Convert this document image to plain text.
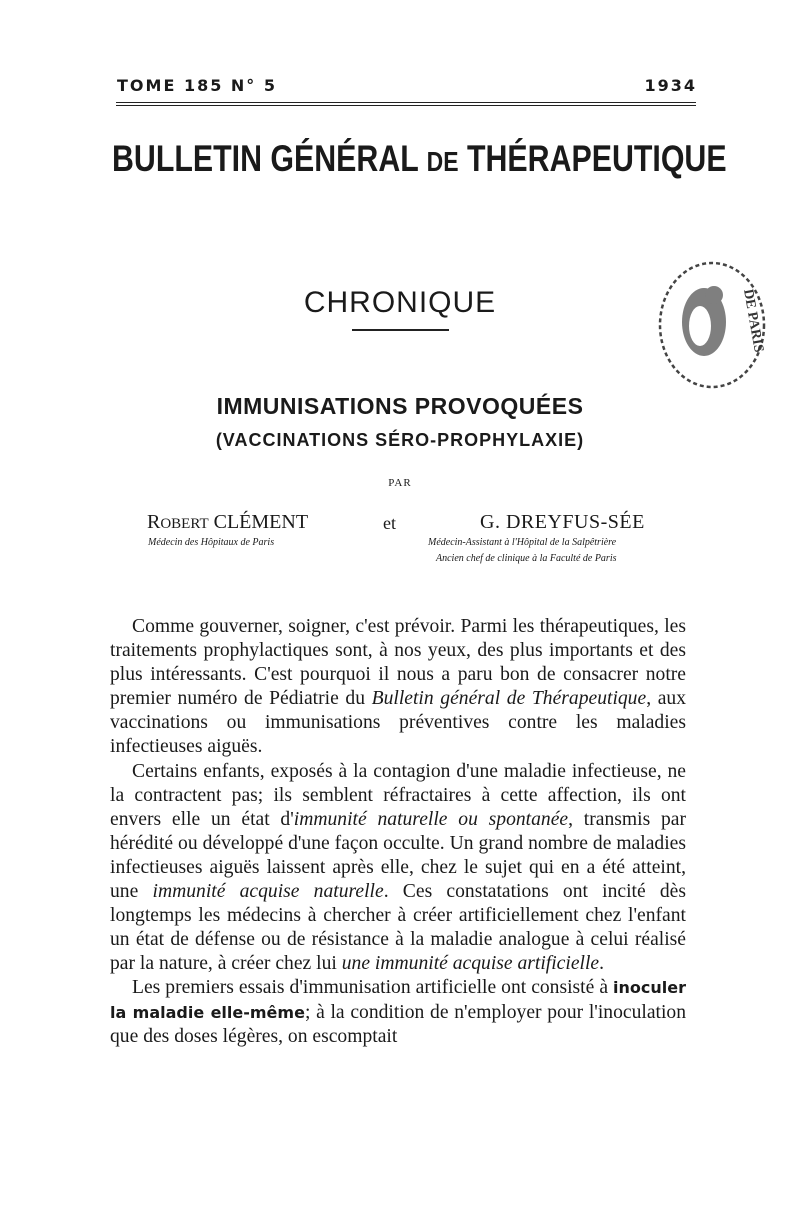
TOME 185 N° 5	1934
BULLETIN GÉNÉRAL DE THÉRAPEUTIQUE
DE PARIS
CHRONIQUE
IMMUNISATIONS PROVOQUÉES
(VACCINATIONS SÉRO-PROPHYLAXIE)
PAR
ROBERT CLÉMENT	et	G. DREYFUS-SÉE
Médecin des Hôpitaux de Paris	Médecin-Assistant à l'Hôpital de la Salpêtrière
Ancien chef de clinique à la Faculté de Paris

Comme gouverner, soigner, c'est prévoir. Parmi les thérapeutiques, les traitements prophylactiques sont, à nos yeux, des plus importants et des plus intéressants. C'est pourquoi il nous a paru bon de consacrer notre premier numéro de Pédiatrie du Bulletin général de Thérapeutique, aux vaccinations ou immunisations préventives contre les maladies infectieuses aiguës.

Certains enfants, exposés à la contagion d'une maladie infectieuse, ne la contractent pas; ils semblent réfractaires à cette affection, ils ont envers elle un état d'immunité naturelle ou spontanée, transmis par hérédité ou développé d'une façon occulte. Un grand nombre de maladies infectieuses aiguës laissent après elle, chez le sujet qui en a été atteint, une immunité acquise naturelle. Ces constatations ont incité dès longtemps les médecins à chercher à créer artificiellement chez l'enfant un état de défense ou de résistance à la maladie analogue à celui réalisé par la nature, à créer chez lui une immunité acquise artificielle.

Les premiers essais d'immunisation artificielle ont consisté à inoculer la maladie elle-même; à la condition de n'employer pour l'inoculation que des doses légères, on escomptait
